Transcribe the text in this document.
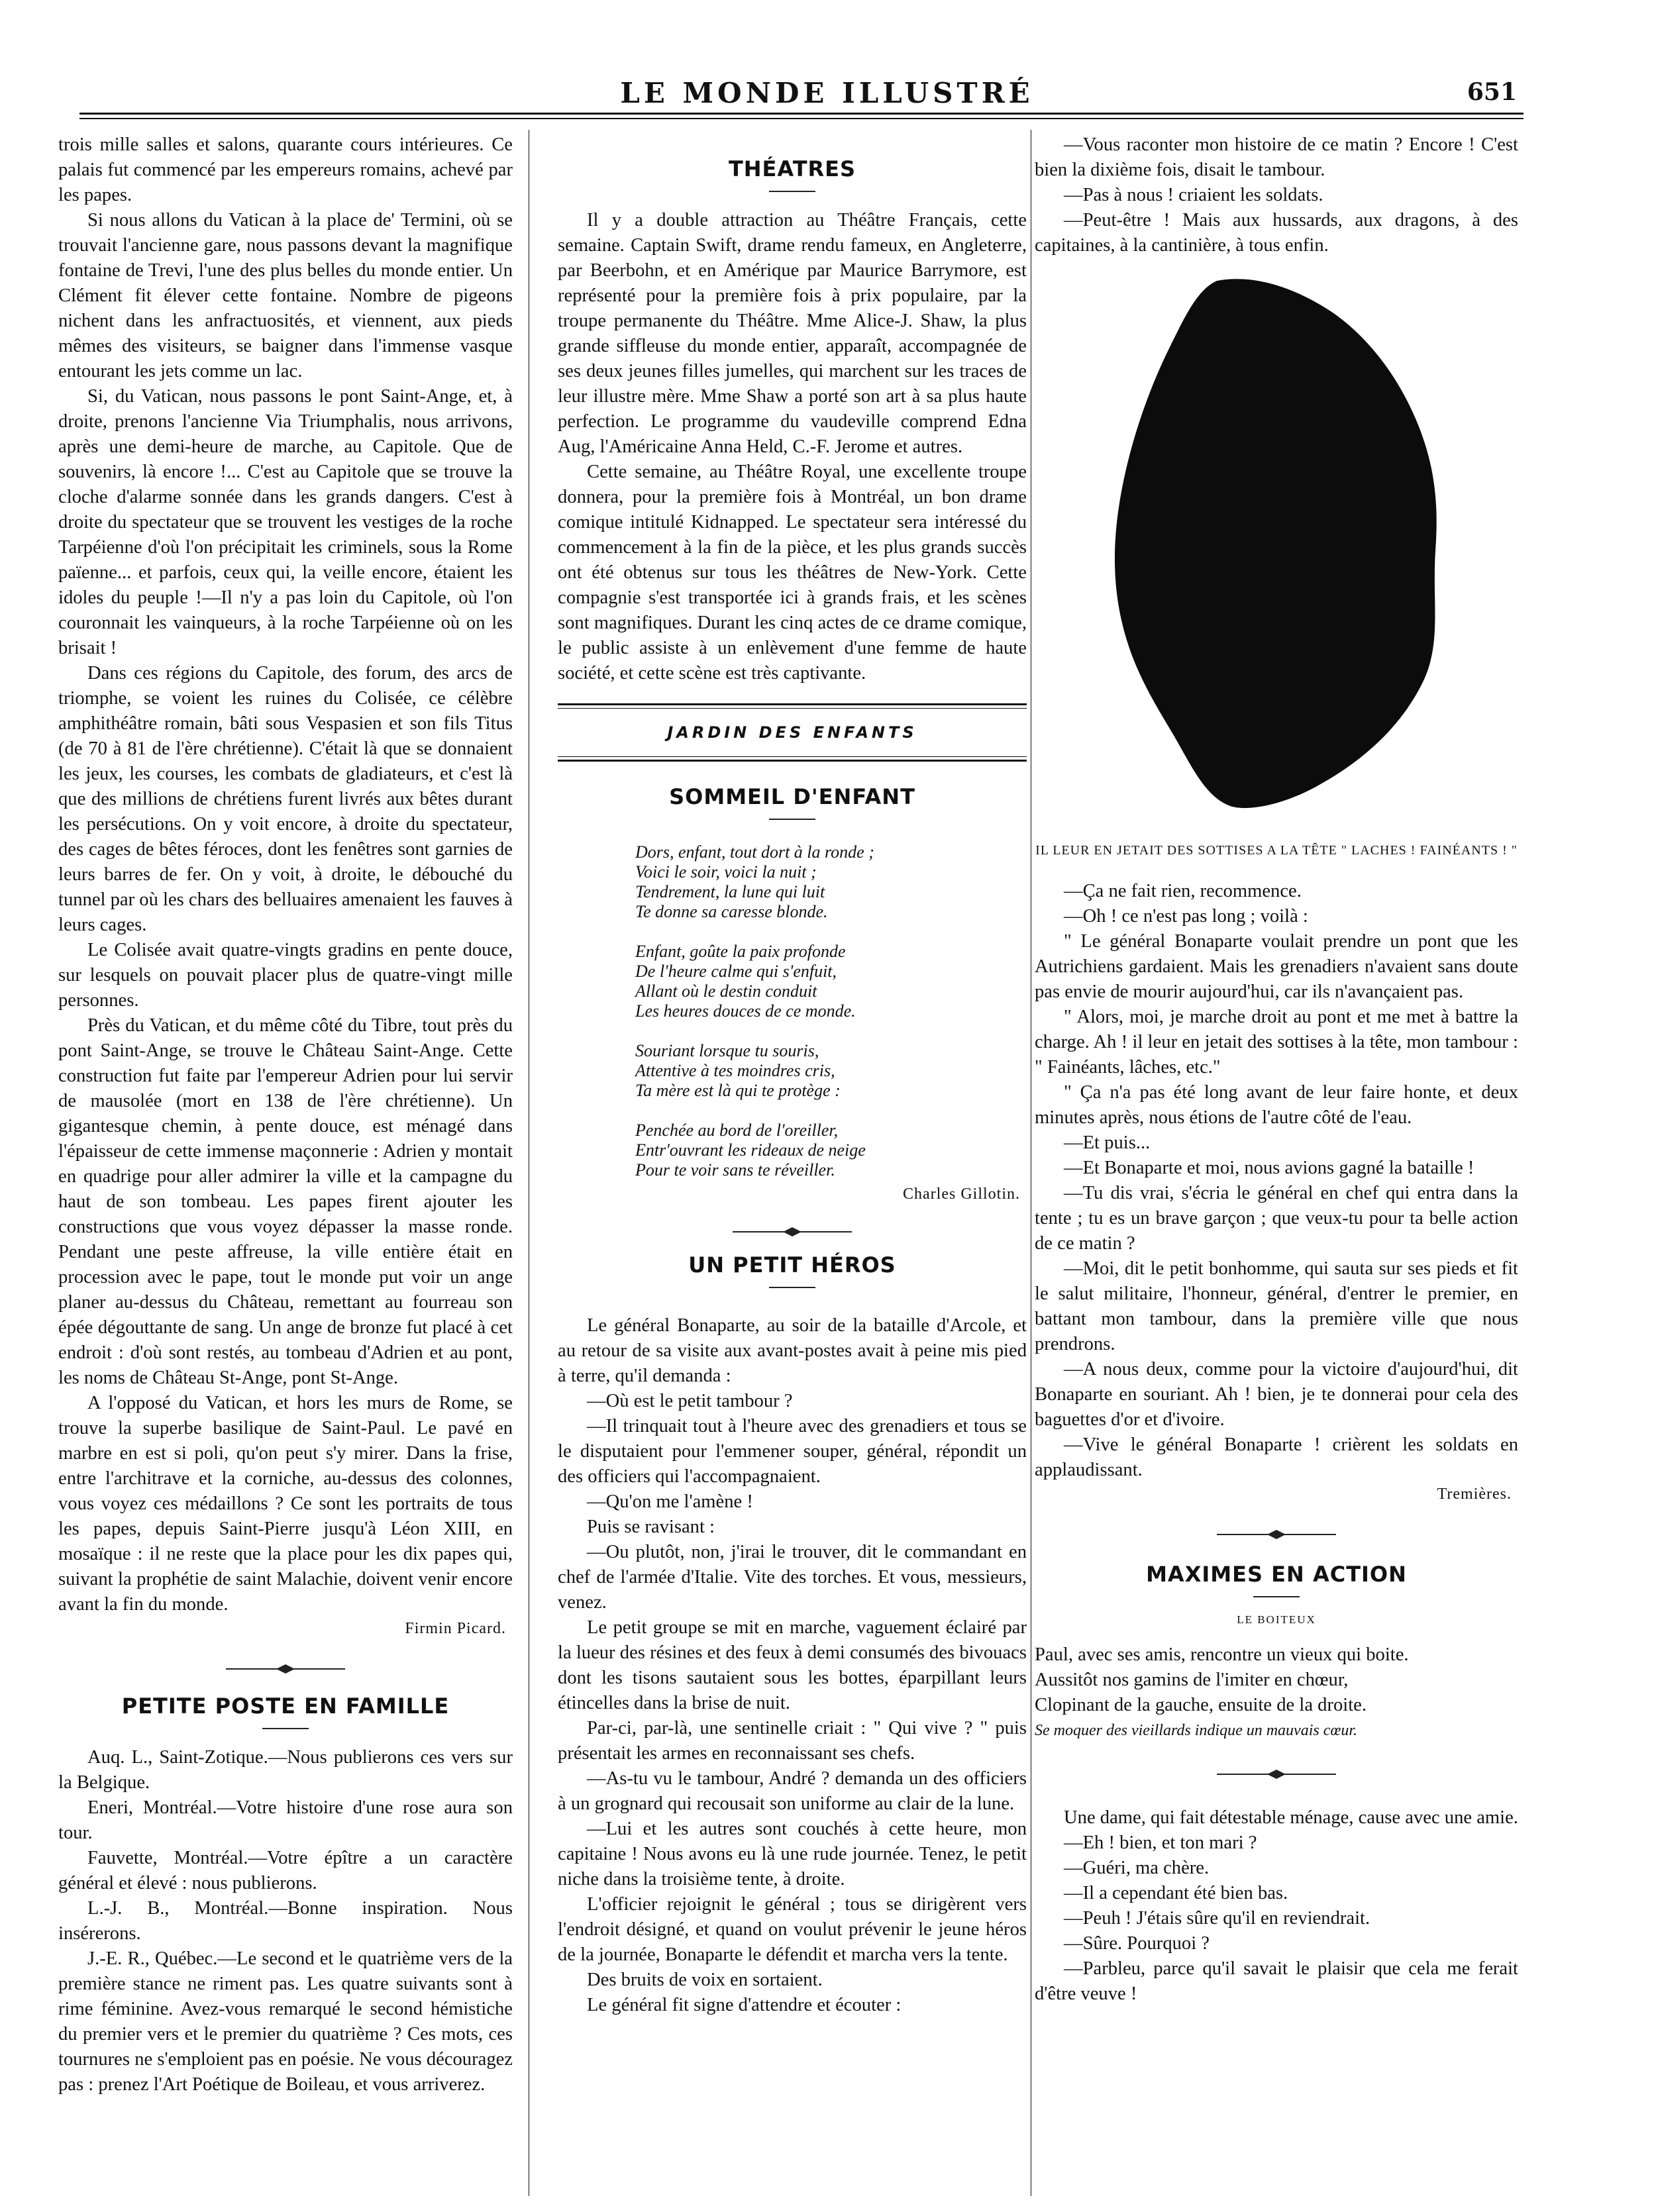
LE MONDE ILLUSTRÉ	651

trois mille salles et salons, quarante cours intérieures. Ce palais fut commencé par les empereurs romains, achevé par les papes.

Si nous allons du Vatican à la place de' Termini, où se trouvait l'ancienne gare, nous passons devant la magnifique fontaine de Trevi, l'une des plus belles du monde entier. Un Clément fit élever cette fontaine. Nombre de pigeons nichent dans les anfractuosités, et viennent, aux pieds mêmes des visiteurs, se baigner dans l'immense vasque entourant les jets comme un lac.

Si, du Vatican, nous passons le pont Saint-Ange, et, à droite, prenons l'ancienne Via Triumphalis, nous arrivons, après une demi-heure de marche, au Capitole. Que de souvenirs, là encore !... C'est au Capitole que se trouve la cloche d'alarme sonnée dans les grands dangers. C'est à droite du spectateur que se trouvent les vestiges de la roche Tarpéienne d'où l'on précipitait les criminels, sous la Rome païenne... et parfois, ceux qui, la veille encore, étaient les idoles du peuple !—Il n'y a pas loin du Capitole, où l'on couronnait les vainqueurs, à la roche Tarpéienne où on les brisait !

Dans ces régions du Capitole, des forum, des arcs de triomphe, se voient les ruines du Colisée, ce célèbre amphithéâtre romain, bâti sous Vespasien et son fils Titus (de 70 à 81 de l'ère chrétienne). C'était là que se donnaient les jeux, les courses, les combats de gladiateurs, et c'est là que des millions de chrétiens furent livrés aux bêtes durant les persécutions. On y voit encore, à droite du spectateur, des cages de bêtes féroces, dont les fenêtres sont garnies de leurs barres de fer. On y voit, à droite, le débouché du tunnel par où les chars des belluaires amenaient les fauves à leurs cages.

Le Colisée avait quatre-vingts gradins en pente douce, sur lesquels on pouvait placer plus de quatre-vingt mille personnes.

Près du Vatican, et du même côté du Tibre, tout près du pont Saint-Ange, se trouve le Château Saint-Ange. Cette construction fut faite par l'empereur Adrien pour lui servir de mausolée (mort en 138 de l'ère chrétienne). Un gigantesque chemin, à pente douce, est ménagé dans l'épaisseur de cette immense maçonnerie : Adrien y montait en quadrige pour aller admirer la ville et la campagne du haut de son tombeau. Les papes firent ajouter les constructions que vous voyez dépasser la masse ronde. Pendant une peste affreuse, la ville entière était en procession avec le pape, tout le monde put voir un ange planer au-dessus du Château, remettant au fourreau son épée dégouttante de sang. Un ange de bronze fut placé à cet endroit : d'où sont restés, au tombeau d'Adrien et au pont, les noms de Château St-Ange, pont St-Ange.

A l'opposé du Vatican, et hors les murs de Rome, se trouve la superbe basilique de Saint-Paul. Le pavé en marbre en est si poli, qu'on peut s'y mirer. Dans la frise, entre l'architrave et la corniche, au-dessus des colonnes, vous voyez ces médaillons ? Ce sont les portraits de tous les papes, depuis Saint-Pierre jusqu'à Léon XIII, en mosaïque : il ne reste que la place pour les dix papes qui, suivant la prophétie de saint Malachie, doivent venir encore avant la fin du monde.

Firmin Picard.
PETITE POSTE EN FAMILLE

Auq. L., Saint-Zotique.—Nous publierons ces vers sur la Belgique.

Eneri, Montréal.—Votre histoire d'une rose aura son tour.

Fauvette, Montréal.—Votre épître a un caractère général et élevé : nous publierons.

L.-J. B., Montréal.—Bonne inspiration. Nous insérerons.

J.-E. R., Québec.—Le second et le quatrième vers de la première stance ne riment pas. Les quatre suivants sont à rime féminine. Avez-vous remarqué le second hémistiche du premier vers et le premier du quatrième ? Ces mots, ces tournures ne s'emploient pas en poésie. Ne vous découragez pas : prenez l'Art Poétique de Boileau, et vous arriverez.

THÉATRES

Il y a double attraction au Théâtre Français, cette semaine. Captain Swift, drame rendu fameux, en Angleterre, par Beerbohn, et en Amérique par Maurice Barrymore, est représenté pour la première fois à prix populaire, par la troupe permanente du Théâtre. Mme Alice-J. Shaw, la plus grande siffleuse du monde entier, apparaît, accompagnée de ses deux jeunes filles jumelles, qui marchent sur les traces de leur illustre mère. Mme Shaw a porté son art à sa plus haute perfection. Le programme du vaudeville comprend Edna Aug, l'Américaine Anna Held, C.-F. Jerome et autres.

Cette semaine, au Théâtre Royal, une excellente troupe donnera, pour la première fois à Montréal, un bon drame comique intitulé Kidnapped. Le spectateur sera intéressé du commencement à la fin de la pièce, et les plus grands succès ont été obtenus sur tous les théâtres de New-York. Cette compagnie s'est transportée ici à grands frais, et les scènes sont magnifiques. Durant les cinq actes de ce drame comique, le public assiste à un enlèvement d'une femme de haute société, et cette scène est très captivante.

JARDIN DES ENFANTS
SOMMEIL D'ENFANT
Dors, enfant, tout dort à la ronde ;
Voici le soir, voici la nuit ;
Tendrement, la lune qui luit
Te donne sa caresse blonde.
Enfant, goûte la paix profonde
De l'heure calme qui s'enfuit,
Allant où le destin conduit
Les heures douces de ce monde.
Souriant lorsque tu souris,
Attentive à tes moindres cris,
Ta mère est là qui te protège :
Penchée au bord de l'oreiller,
Entr'ouvrant les rideaux de neige
Pour te voir sans te réveiller.
Charles Gillotin.
UN PETIT HÉROS

Le général Bonaparte, au soir de la bataille d'Arcole, et au retour de sa visite aux avant-postes avait à peine mis pied à terre, qu'il demanda :

—Où est le petit tambour ?

—Il trinquait tout à l'heure avec des grenadiers et tous se le disputaient pour l'emmener souper, général, répondit un des officiers qui l'accompagnaient.

—Qu'on me l'amène !

Puis se ravisant :

—Ou plutôt, non, j'irai le trouver, dit le commandant en chef de l'armée d'Italie. Vite des torches. Et vous, messieurs, venez.

Le petit groupe se mit en marche, vaguement éclairé par la lueur des résines et des feux à demi consumés des bivouacs dont les tisons sautaient sous les bottes, éparpillant leurs étincelles dans la brise de nuit.

Par-ci, par-là, une sentinelle criait : " Qui vive ? " puis présentait les armes en reconnaissant ses chefs.

—As-tu vu le tambour, André ? demanda un des officiers à un grognard qui recousait son uniforme au clair de la lune.

—Lui et les autres sont couchés à cette heure, mon capitaine ! Nous avons eu là une rude journée. Tenez, le petit niche dans la troisième tente, à droite.

L'officier rejoignit le général ; tous se dirigèrent vers l'endroit désigné, et quand on voulut prévenir le jeune héros de la journée, Bonaparte le défendit et marcha vers la tente.

Des bruits de voix en sortaient.

Le général fit signe d'attendre et écouter :

—Vous raconter mon histoire de ce matin ? Encore ! C'est bien la dixième fois, disait le tambour.

—Pas à nous ! criaient les soldats.

—Peut-être ! Mais aux hussards, aux dragons, à des capitaines, à la cantinière, à tous enfin.

IL LEUR EN JETAIT DES SOTTISES A LA TÊTE " LACHES ! FAINÉANTS ! "

—Ça ne fait rien, recommence.

—Oh ! ce n'est pas long ; voilà :

" Le général Bonaparte voulait prendre un pont que les Autrichiens gardaient. Mais les grenadiers n'avaient sans doute pas envie de mourir aujourd'hui, car ils n'avançaient pas.

" Alors, moi, je marche droit au pont et me met à battre la charge. Ah ! il leur en jetait des sottises à la tête, mon tambour : " Fainéants, lâches, etc."

" Ça n'a pas été long avant de leur faire honte, et deux minutes après, nous étions de l'autre côté de l'eau.

—Et puis...

—Et Bonaparte et moi, nous avions gagné la bataille !

—Tu dis vrai, s'écria le général en chef qui entra dans la tente ; tu es un brave garçon ; que veux-tu pour ta belle action de ce matin ?

—Moi, dit le petit bonhomme, qui sauta sur ses pieds et fit le salut militaire, l'honneur, général, d'entrer le premier, en battant mon tambour, dans la première ville que nous prendrons.

—A nous deux, comme pour la victoire d'aujourd'hui, dit Bonaparte en souriant. Ah ! bien, je te donnerai pour cela des baguettes d'or et d'ivoire.

—Vive le général Bonaparte ! crièrent les soldats en applaudissant.

Tremières.
MAXIMES EN ACTION

LE BOITEUX

Paul, avec ses amis, rencontre un vieux qui boite.

Aussitôt nos gamins de l'imiter en chœur,

Clopinant de la gauche, ensuite de la droite.

Se moquer des vieillards indique un mauvais cœur.

Une dame, qui fait détestable ménage, cause avec une amie.

—Eh ! bien, et ton mari ?

—Guéri, ma chère.

—Il a cependant été bien bas.

—Peuh ! J'étais sûre qu'il en reviendrait.

—Sûre. Pourquoi ?

—Parbleu, parce qu'il savait le plaisir que cela me ferait d'être veuve !
